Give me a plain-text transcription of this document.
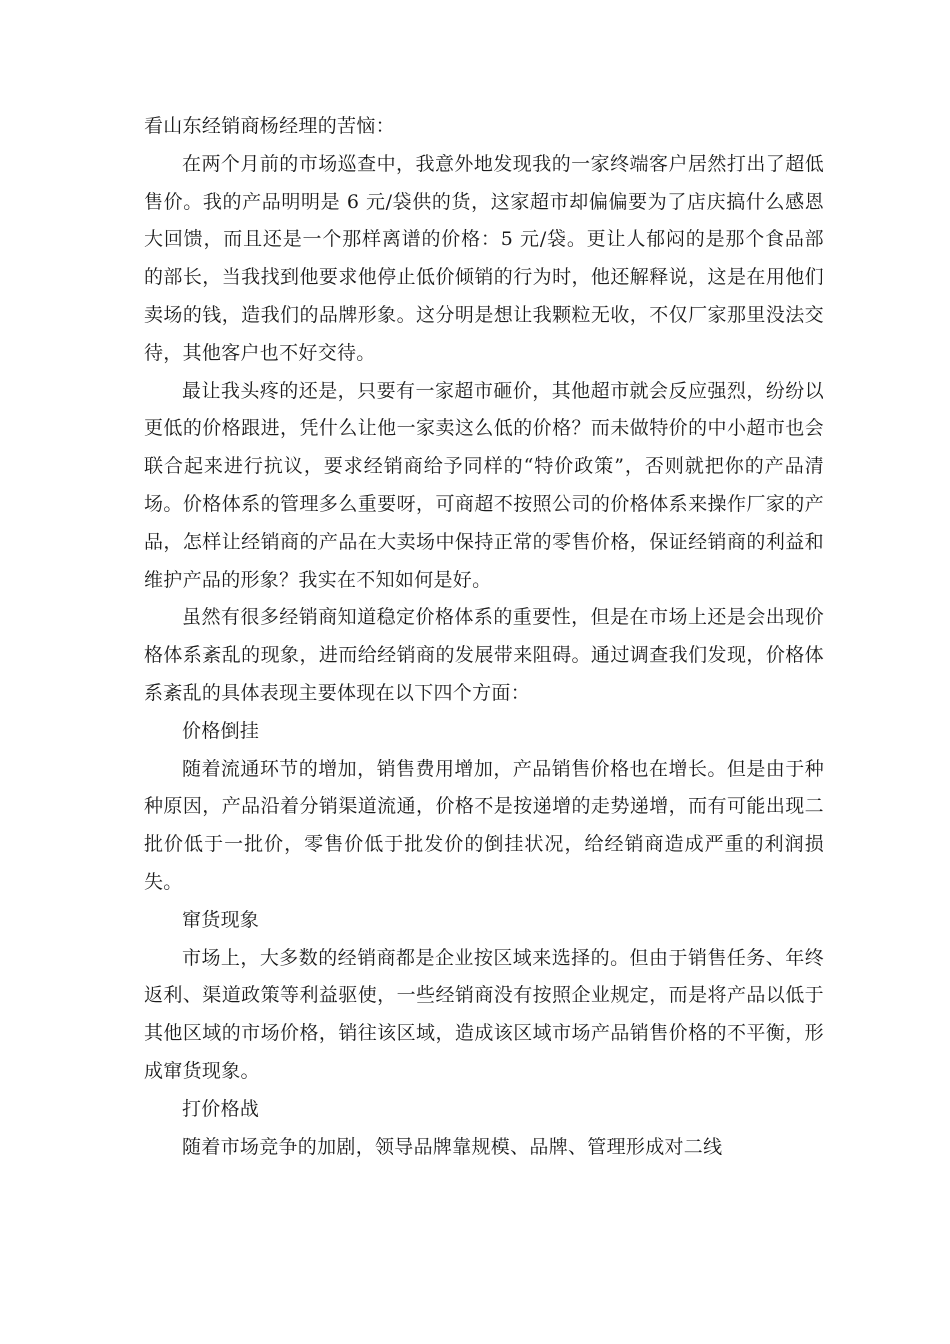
看山东经销商杨经理的苦恼：

在两个月前的市场巡查中，我意外地发现我的一家终端客户居然打出了超低售价。我的产品明明是 6 元/袋供的货，这家超市却偏偏要为了店庆搞什么感恩大回馈，而且还是一个那样离谱的价格：5 元/袋。更让人郁闷的是那个食品部的部长，当我找到他要求他停止低价倾销的行为时，他还解释说，这是在用他们卖场的钱，造我们的品牌形象。这分明是想让我颗粒无收，不仅厂家那里没法交待，其他客户也不好交待。

最让我头疼的还是，只要有一家超市砸价，其他超市就会反应强烈，纷纷以更低的价格跟进，凭什么让他一家卖这么低的价格？而未做特价的中小超市也会联合起来进行抗议，要求经销商给予同样的“特价政策”，否则就把你的产品清场。价格体系的管理多么重要呀，可商超不按照公司的价格体系来操作厂家的产品，怎样让经销商的产品在大卖场中保持正常的零售价格，保证经销商的利益和维护产品的形象？我实在不知如何是好。

虽然有很多经销商知道稳定价格体系的重要性，但是在市场上还是会出现价格体系紊乱的现象，进而给经销商的发展带来阻碍。通过调查我们发现，价格体系紊乱的具体表现主要体现在以下四个方面：

价格倒挂

随着流通环节的增加，销售费用增加，产品销售价格也在增长。但是由于种种原因，产品沿着分销渠道流通，价格不是按递增的走势递增，而有可能出现二批价低于一批价，零售价低于批发价的倒挂状况，给经销商造成严重的利润损失。

窜货现象

市场上，大多数的经销商都是企业按区域来选择的。但由于销售任务、年终返利、渠道政策等利益驱使，一些经销商没有按照企业规定，而是将产品以低于其他区域的市场价格，销往该区域，造成该区域市场产品销售价格的不平衡，形成窜货现象。

打价格战

随着市场竞争的加剧，领导品牌靠规模、品牌、管理形成对二线
